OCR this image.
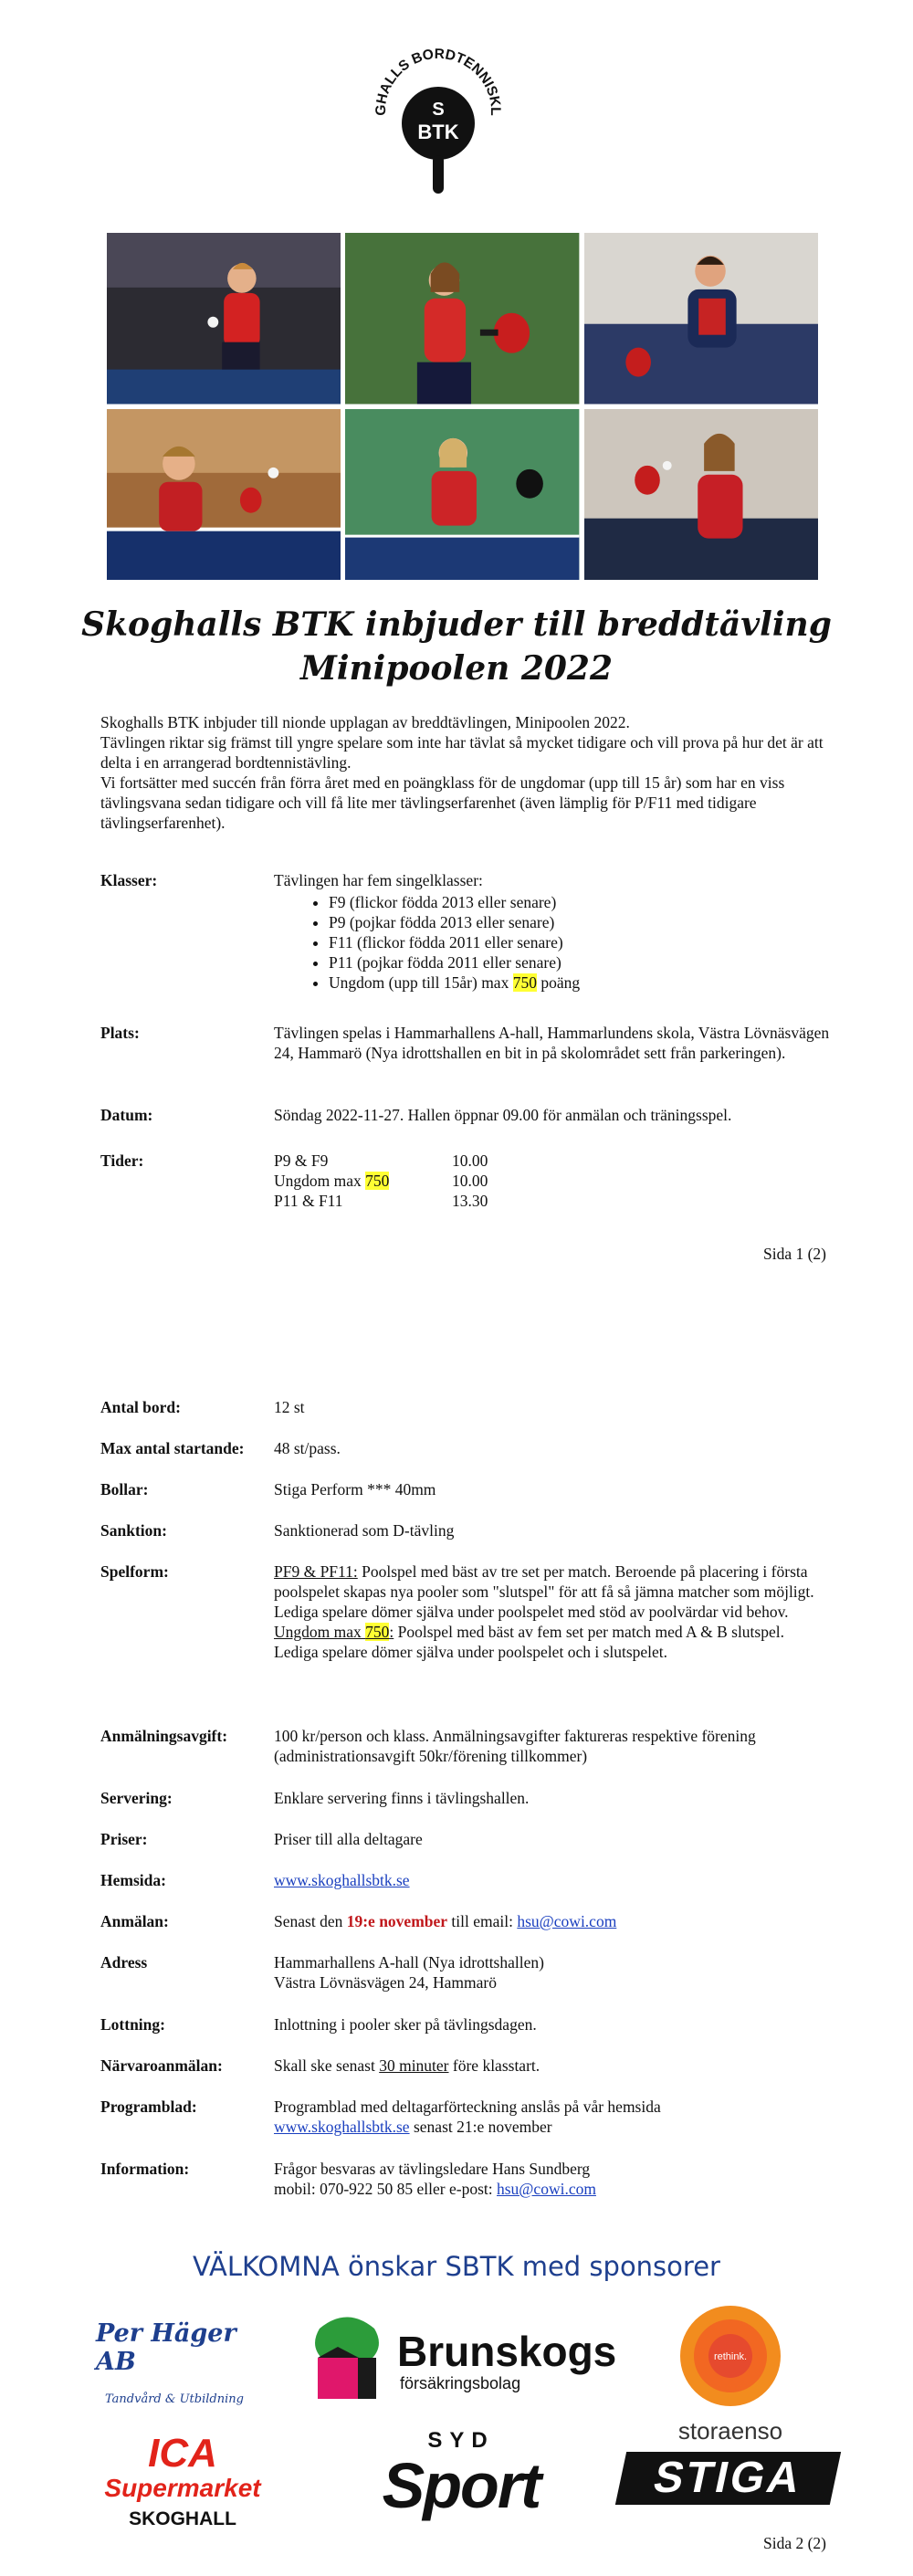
GHALLS BORDTENNISKL
S
BTK
Skoghalls BTK inbjuder till breddtävling
Minipoolen 2022

Skoghalls BTK inbjuder till nionde upplagan av breddtävlingen, Minipoolen 2022.

Tävlingen riktar sig främst till yngre spelare som inte har tävlat så mycket tidigare och vill prova på hur det är att delta i en arrangerad bordtennistävling.

Vi fortsätter med succén från förra året med en poängklass för de ungdomar (upp till 15 år) som har en viss tävlingsvana sedan tidigare och vill få lite mer tävlingserfarenhet (även lämplig för P/F11 med tidigare tävlingserfarenhet).

Klasser:	Tävlingen har fem singelklasser:
• F9 (flickor födda 2013 eller senare)
• P9 (pojkar födda 2013 eller senare)
• F11 (flickor födda 2011 eller senare)
• P11 (pojkar födda 2011 eller senare)
• Ungdom (upp till 15år) max 750 poäng
Plats:	Tävlingen spelas i Hammarhallens A-hall, Hammarlundens skola, Västra Lövnäsvägen 24, Hammarö (Nya idrottshallen en bit in på skolområdet sett från parkeringen).
Datum:	Söndag 2022-11-27. Hallen öppnar 09.00 för anmälan och träningsspel.
Tider:	P9 & F9	10.00
Ungdom max 750	10.00
P11 & F11	13.30
Sida 1 (2)
Antal bord:	12 st
Max antal startande: 48 st/pass.
Bollar:	Stiga Perform *** 40mm
Sanktion:	Sanktionerad som D-tävling
Spelform:	PF9 & PF11: Poolspel med bäst av tre set per match. Beroende på placering i första poolspelet skapas nya pooler som "slutspel" för att få så jämna matcher som möjligt.
Lediga spelare dömer själva under poolspelet med stöd av poolvärdar vid behov.
Ungdom max 750: Poolspel med bäst av fem set per match med A & B slutspel. Lediga spelare dömer själva under poolspelet och i slutspelet.
Anmälningsavgift:	100 kr/person och klass. Anmälningsavgifter faktureras respektive förening (administrationsavgift 50kr/förening tillkommer)
Servering:	Enklare servering finns i tävlingshallen.
Priser:	Priser till alla deltagare
Hemsida:	www.skoghallsbtk.se
Anmälan:	Senast den 19:e november till email: hsu@cowi.com
Adress	Hammarhallens A-hall (Nya idrottshallen)
Västra Lövnäsvägen 24, Hammarö
Lottning:	Inlottning i pooler sker på tävlingsdagen.
Närvaroanmälan:	Skall ske senast 30 minuter före klasstart.
Programblad:	Programblad med deltagarförteckning anslås på vår hemsida
www.skoghallsbtk.se senast 21:e november
Information:	Frågor besvaras av tävlingsledare Hans Sundberg
mobil: 070-922 50 85 eller e-post: hsu@cowi.com
VÄLKOMNA önskar SBTK med sponsorer
Per Häger AB
Tandvård & Utbildning
Brunskogs
försäkringsbolag
rethink.
storaenso
ICA
Supermarket
SKOGHALL
SYD
Sport	STIGA
Sida 2 (2)
